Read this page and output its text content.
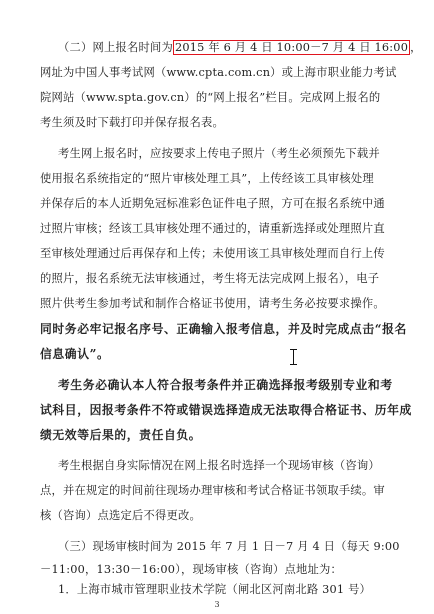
（二）网上报名时间为 2015 年 6 月 4 日 10:00－7 月 4 日 16:00 ，
网址为中国人事考试网（www.cpta.com.cn）或上海市职业能力考试
院网站（www.spta.gov.cn）的“网上报名”栏目。完成网上报名的
考生须及时下载打印并保存报名表。
考生网上报名时，应按要求上传电子照片（考生必须预先下载并
使用报名系统指定的“照片审核处理工具”，上传经该工具审核处理
并保存后的本人近期免冠标准彩色证件电子照，方可在报名系统中通
过照片审核；经该工具审核处理不通过的，请重新选择或处理照片直
至审核处理通过后再保存和上传；未使用该工具审核处理而自行上传
的照片，报名系统无法审核通过，考生将无法完成网上报名），电子
照片供考生参加考试和制作合格证书使用，请考生务必按要求操作。
同时务必牢记报名序号、正确输入报考信息，并及时完成点击“报名
信息确认”。
考生务必确认本人符合报考条件并正确选择报考级别专业和考
试科目，因报考条件不符或错误选择造成无法取得合格证书、历年成
绩无效等后果的，责任自负。
考生根据自身实际情况在网上报名时选择一个现场审核（咨询）
点，并在规定的时间前往现场办理审核和考试合格证书领取手续。审
核（咨询）点选定后不得更改。
（三）现场审核时间为 2015 年 7 月 1 日－7 月 4 日（每天 9:00
－11:00，13:30－16:00），现场审核（咨询）点地址为：
1．上海市城市管理职业技术学院（闸北区河南北路 301 号）
3
